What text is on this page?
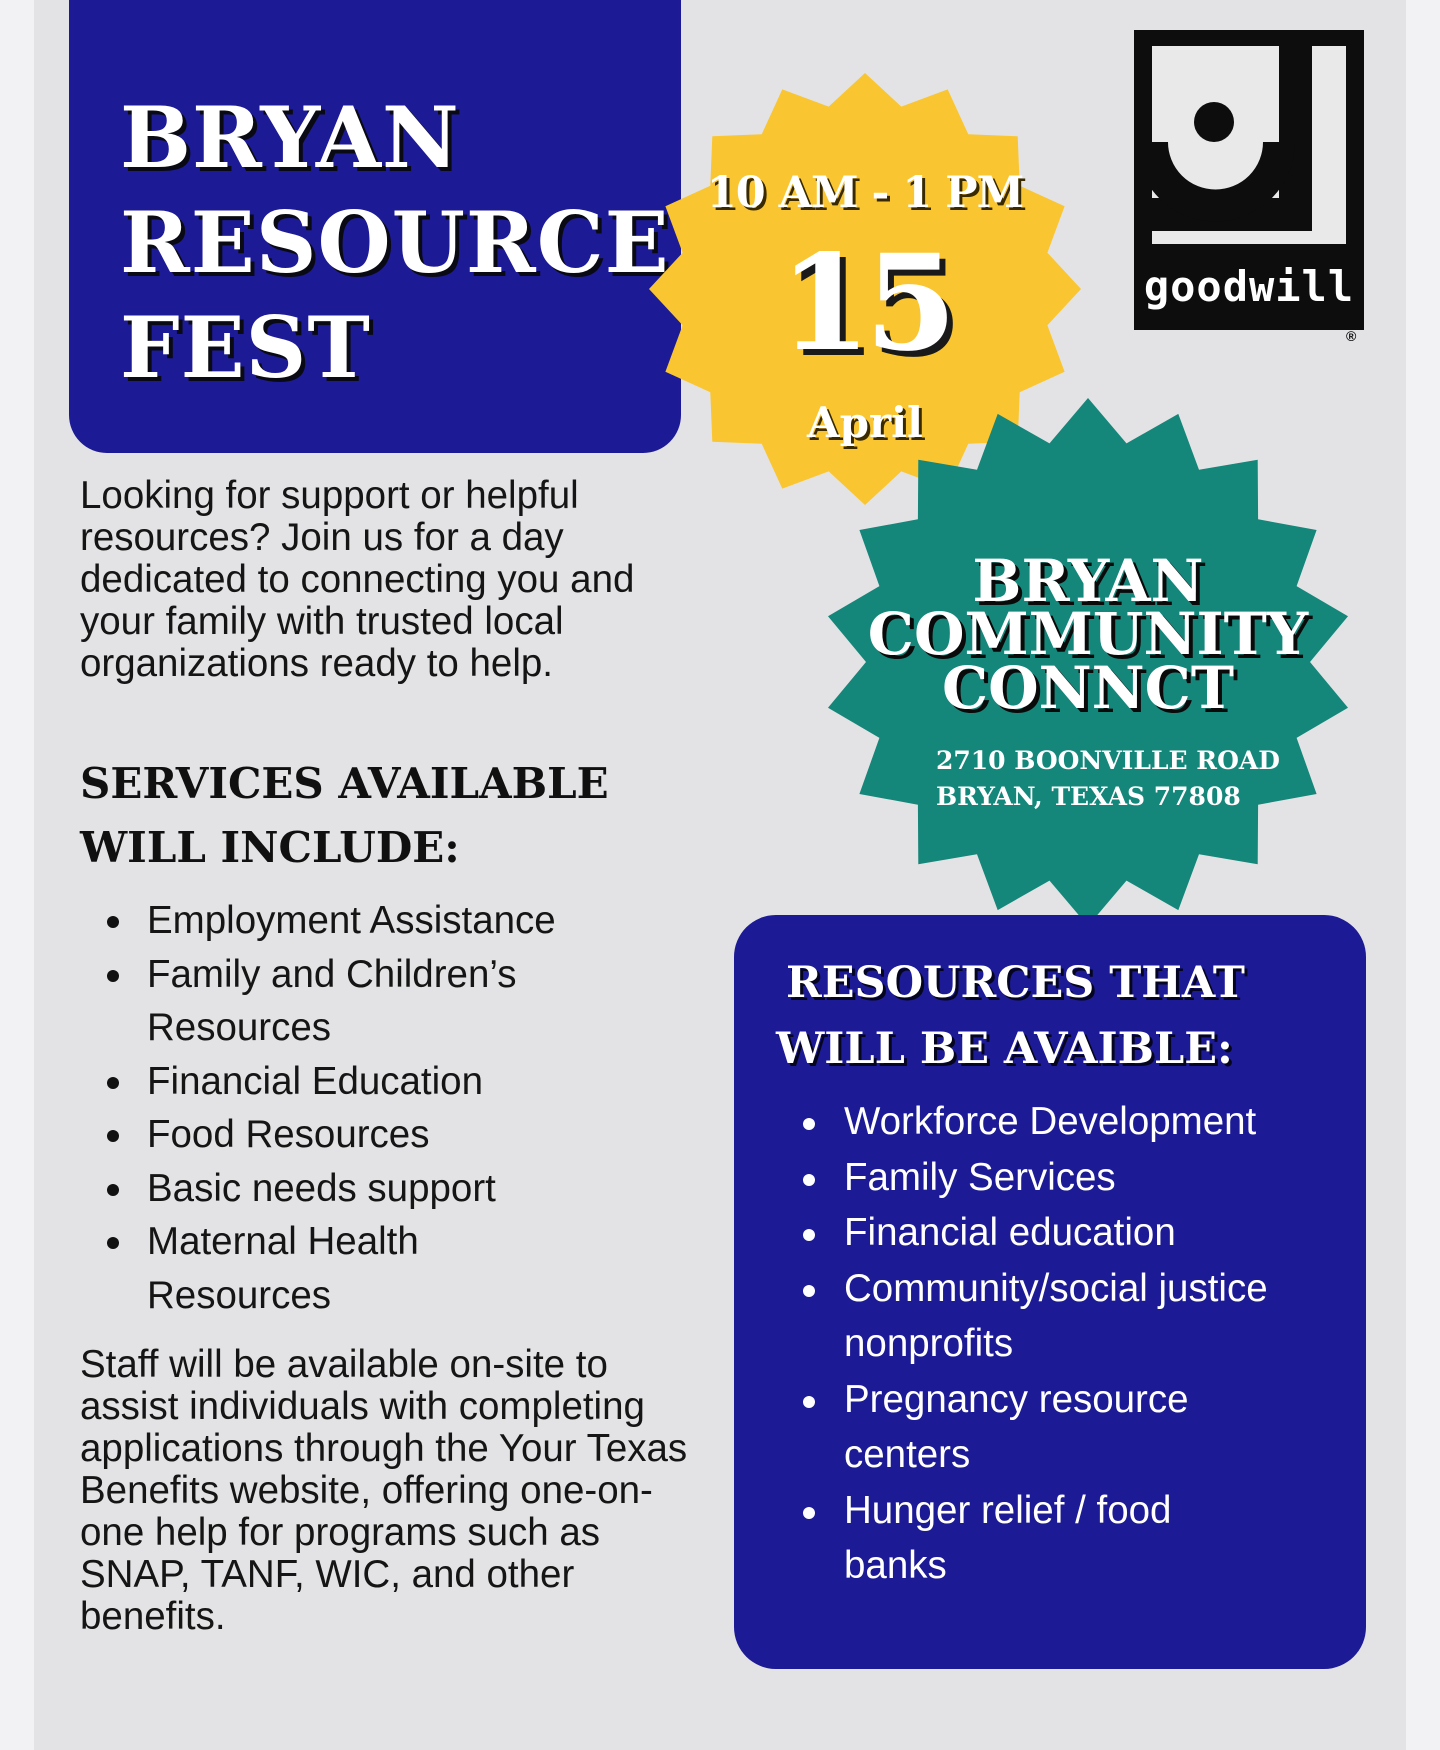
BRYAN
RESOURCE
FEST
10 AM - 1 PM
15
April
BRYAN
COMMUNITY
CONNCT
2710 BOONVILLE ROAD
BRYAN, TEXAS 77808
goodwill
®

Looking for support or helpful resources? Join us for a day dedicated to connecting you and your family with trusted local organizations ready to help.

SERVICES AVAILABLE
WILL INCLUDE:
Employment Assistance
Family and Children’s Resources
Financial Education
Food Resources
Basic needs support
Maternal Health Resources

Staff will be available on-site to assist individuals with completing applications through the Your Texas Benefits website, offering one-on-one help for programs such as SNAP, TANF, WIC, and other benefits.

RESOURCES THAT
WILL BE AVAIBLE:
Workforce Development
Family Services
Financial education
Community/social justice nonprofits
Pregnancy resource centers
Hunger relief / food banks
